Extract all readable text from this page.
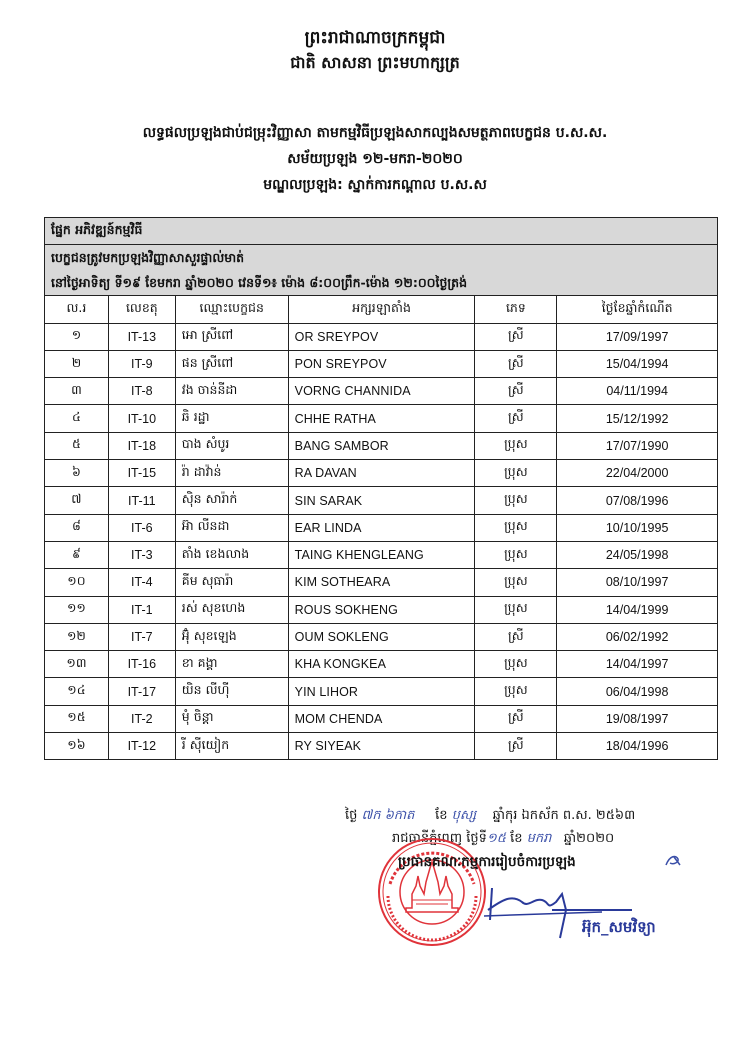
ព្រះរាជាណាចក្រកម្ពុជា
ជាតិ សាសនា ព្រះមហាក្សត្រ
លទ្ធផលប្រឡងជាប់ជម្រុះវិញ្ញាសា តាមកម្មវិធីប្រឡងសាកល្បងសមត្ថភាពបេក្ខជន ប.ស.ស.
សម័យប្រឡង ១២-មករា-២០២០
មណ្ឌលប្រឡង: ស្នាក់ការកណ្តាល ប.ស.ស
ផ្នែក អភិវឌ្ឍន៍កម្មវិធី					

បេក្ខជនត្រូវមកប្រឡងវិញ្ញាសាសួរផ្ទាល់មាត់
នៅថ្ងៃអាទិត្យ ទី១៩ ខែមករា ឆ្នាំ២០២០ វេនទី១៖ ម៉ោង ៨:០០ព្រឹក-ម៉ោង ១២:០០ថ្ងៃត្រង់					

ល.រ	លេខតុ	ឈ្មោះបេក្ខជន	អក្សរឡាតាំង	ភេទ	ថ្ងៃខែឆ្នាំកំណើត
១	IT-13	អោ ស្រីពៅ	OR SREYPOV	ស្រី	17/09/1997
២	IT-9	ផន ស្រីពៅ	PON SREYPOV	ស្រី	15/04/1994
៣	IT-8	វង ចាន់នីដា	VORNG CHANNIDA	ស្រី	04/11/1994
៤	IT-10	ឆិ រដ្ឋា	CHHE RATHA	ស្រី	15/12/1992
៥	IT-18	បាង សំបូរ	BANG SAMBOR	ប្រុស	17/07/1990
៦	IT-15	រ៉ា ដាវ៉ាន់	RA DAVAN	ប្រុស	22/04/2000
៧	IT-11	ស៊ិន សារ៉ាក់	SIN SARAK	ប្រុស	07/08/1996
៨	IT-6	អ៊ា លីនដា	EAR LINDA	ប្រុស	10/10/1995
៩	IT-3	តាំង ខេងលាង	TAING KHENGLEANG	ប្រុស	24/05/1998
១០	IT-4	គីម សុធារ៉ា	KIM SOTHEARA	ប្រុស	08/10/1997
១១	IT-1	រស់ សុខហេង	ROUS SOKHENG	ប្រុស	14/04/1999
១២	IT-7	អ៊ុំ សុខឡេង	OUM SOKLENG	ស្រី	06/02/1992
១៣	IT-16	ខា គង្គា	KHA KONGKEA	ប្រុស	14/04/1997
១៤	IT-17	យិន លីហ៊ី	YIN LIHOR	ប្រុស	06/04/1998
១៥	IT-2	មុំ ចិន្តា	MOM CHENDA	ស្រី	19/08/1997
១៦	IT-12	រី ស៊ីយៀក	RY SIYEAK	ស្រី	18/04/1996
ថ្ងៃ ៧ក ៦កាត ខែ បុស្ស ឆ្នាំកុរ ឯកស័ក ព.ស. ២៥៦៣
រាជធានីភ្នំពេញ ថ្ងៃទី១៥ ខែ មករា ឆ្នាំ២០២០
ប្រធានគណៈកម្មការរៀបចំការប្រឡង
អ៊ុក_សមវិទ្យា
